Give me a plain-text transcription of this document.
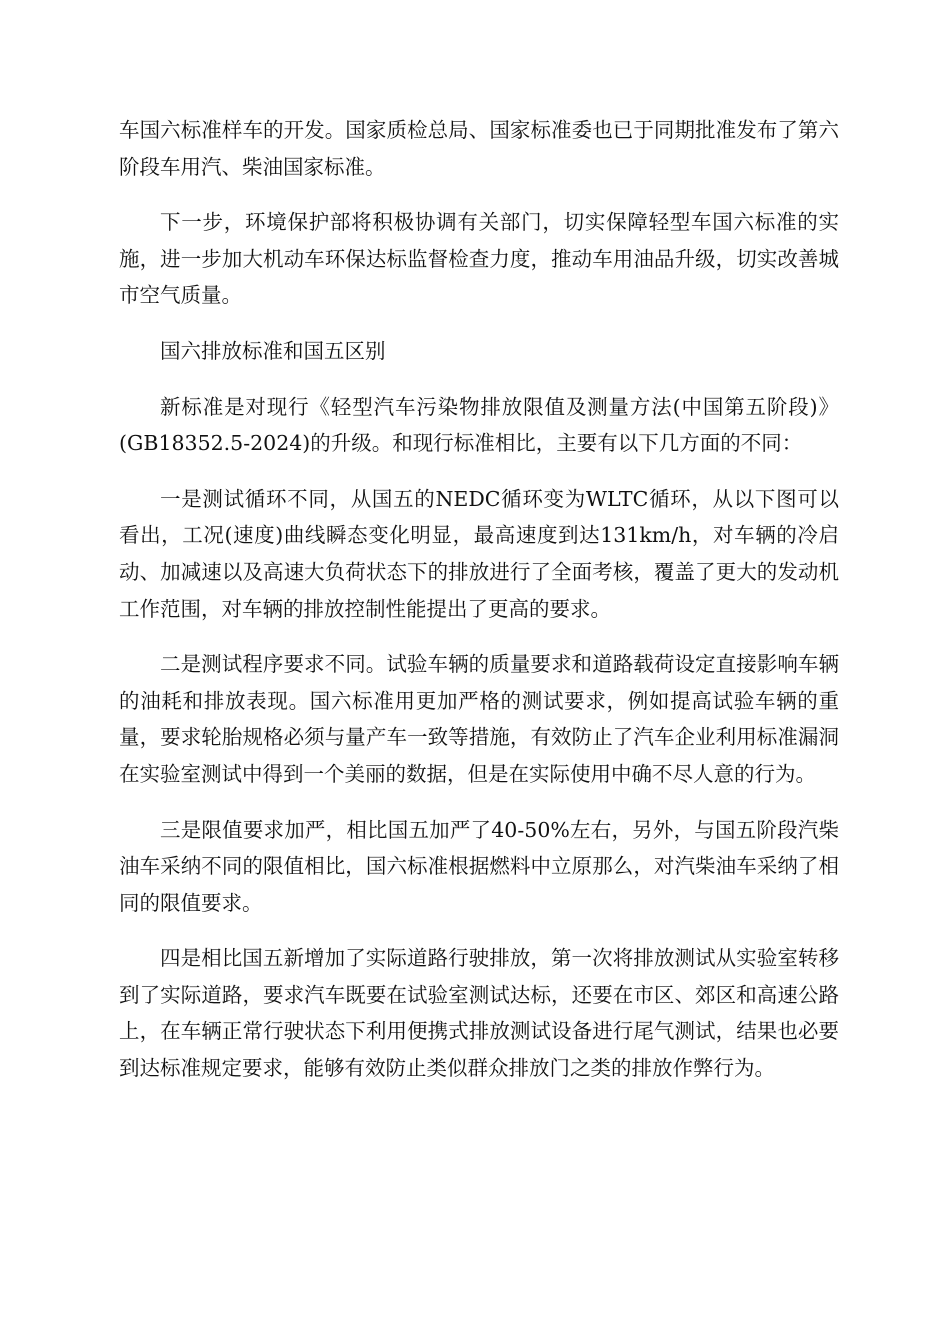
车国六标准样车的开发。国家质检总局、国家标准委也已于同期批准发布了第六阶段车用汽、柴油国家标准。

下一步，环境保护部将积极协调有关部门，切实保障轻型车国六标准的实施，进一步加大机动车环保达标监督检查力度，推动车用油品升级，切实改善城市空气质量。

国六排放标准和国五区别

新标准是对现行《轻型汽车污染物排放限值及测量方法(中国第五阶段)》(GB18352.5-2024)的升级。和现行标准相比，主要有以下几方面的不同：

一是测试循环不同，从国五的NEDC循环变为WLTC循环，从以下图可以看出，工况(速度)曲线瞬态变化明显，最高速度到达131km/h，对车辆的冷启动、加减速以及高速大负荷状态下的排放进行了全面考核，覆盖了更大的发动机工作范围，对车辆的排放控制性能提出了更高的要求。

二是测试程序要求不同。试验车辆的质量要求和道路载荷设定直接影响车辆的油耗和排放表现。国六标准用更加严格的测试要求，例如提高试验车辆的重量，要求轮胎规格必须与量产车一致等措施，有效防止了汽车企业利用标准漏洞在实验室测试中得到一个美丽的数据，但是在实际使用中确不尽人意的行为。

三是限值要求加严，相比国五加严了40-50%左右，另外，与国五阶段汽柴油车采纳不同的限值相比，国六标准根据燃料中立原那么，对汽柴油车采纳了相同的限值要求。

四是相比国五新增加了实际道路行驶排放，第一次将排放测试从实验室转移到了实际道路，要求汽车既要在试验室测试达标，还要在市区、郊区和高速公路上，在车辆正常行驶状态下利用便携式排放测试设备进行尾气测试，结果也必要到达标准规定要求，能够有效防止类似群众排放门之类的排放作弊行为。
